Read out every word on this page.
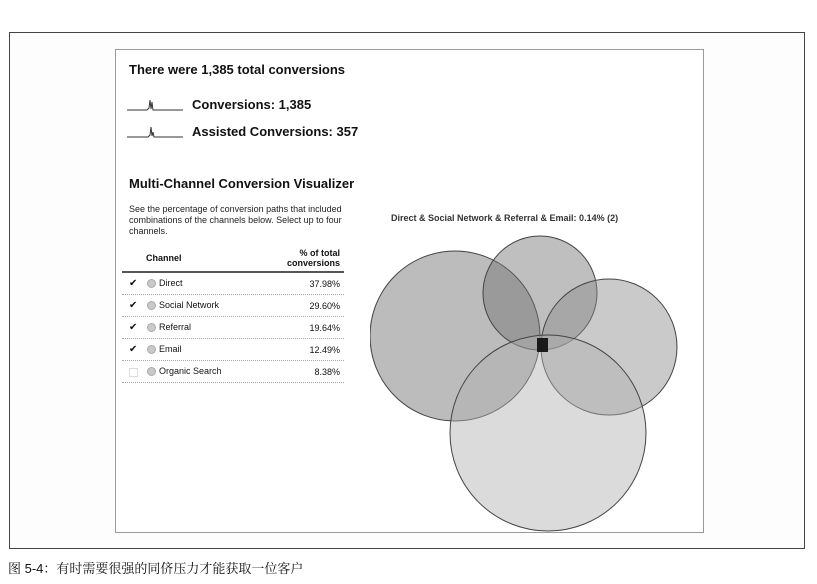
There were 1,385 total conversions
Conversions: 1,385
Assisted Conversions: 357
Multi-Channel Conversion Visualizer
See the percentage of conversion paths that included combinations of the channels below. Select up to four channels.
Channel	% of total
conversions
✔ Direct	37.98%
✔ Social Network	29.60%
✔ Referral	19.64%
✔ Email	12.49%
Organic Search	8.38%
Direct & Social Network & Referral & Email: 0.14% (2)
图 5-4：有时需要很强的同侪压力才能获取一位客户
